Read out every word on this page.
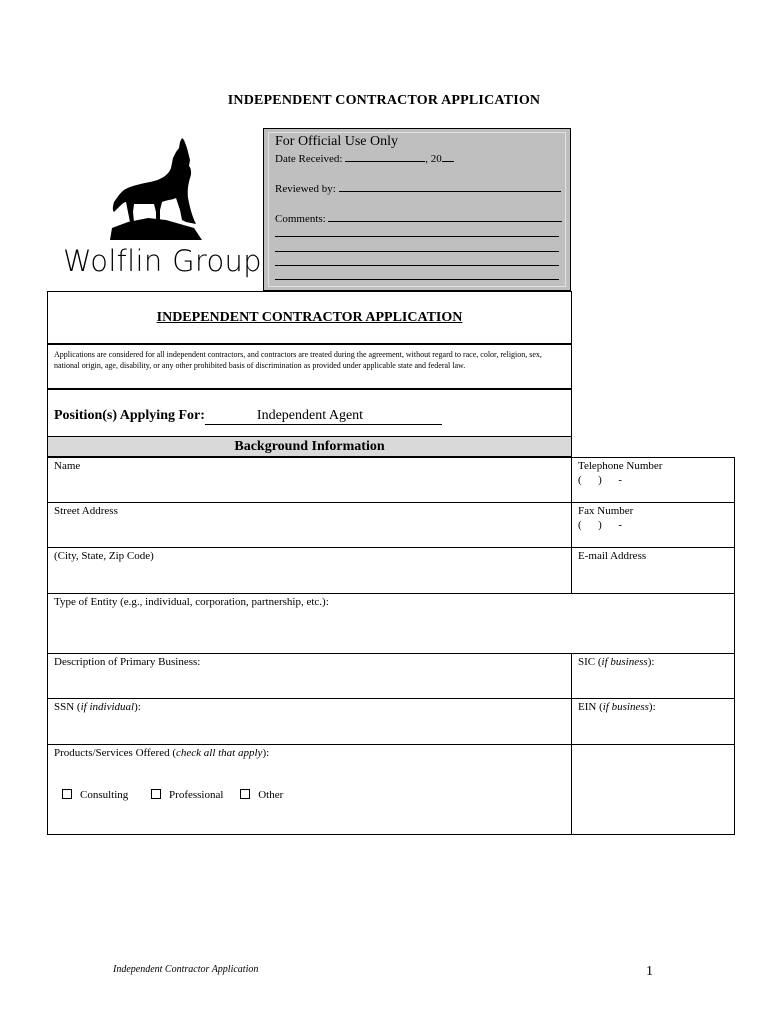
INDEPENDENT CONTRACTOR APPLICATION
Wolflin Group
For Official Use Only
Date Received:	, 20
Reviewed by:
Comments:
INDEPENDENT CONTRACTOR APPLICATION
Applications are considered for all independent contractors, and contractors are treated during the agreement, without regard to race, color, religion, sex, national origin, age, disability, or any other prohibited basis of discrimination as provided under applicable state and federal law.
Position(s) Applying For:	Independent Agent
Background Information
Name	Telephone Number
(      )      -
Street Address	Fax Number
(      )      -
(City, State, Zip Code)	E-mail Address
Type of Entity (e.g., individual, corporation, partnership, etc.):
Description of Primary Business:	SIC (if business):
SSN (if individual):	EIN (if business):
Products/Services Offered (check all that apply):
Consulting	Professional	Other
Independent Contractor Application	1
